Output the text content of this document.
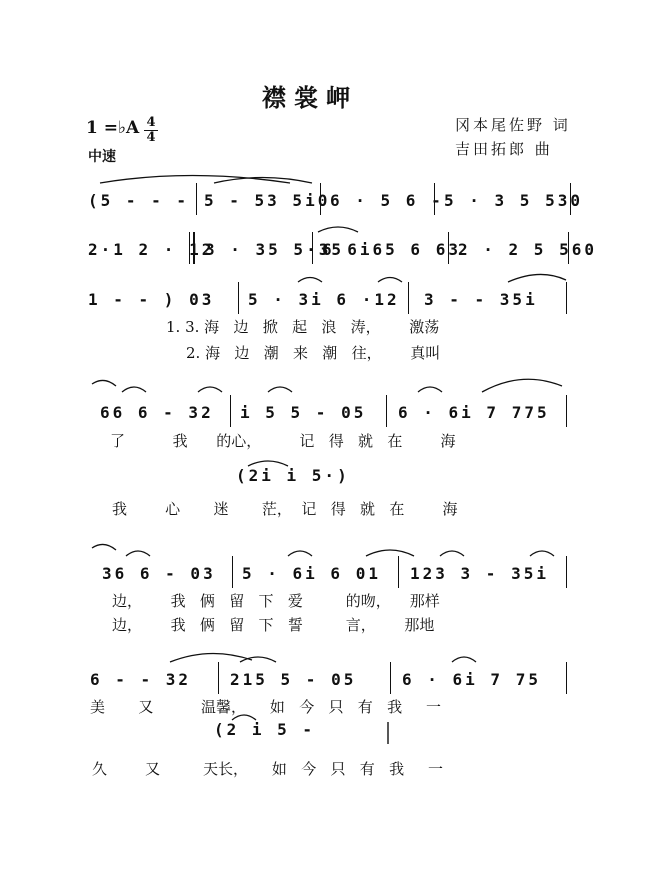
襟裳岬
1 =♭A 4
4
中速
冈本尾佐野 词
吉田拓郎 曲
(5 - - - 5 - 53 5i0 6 · 5 6 - 5 · 3 5 530
2·1 2 · 12
3 · 35 5·35
6 6i65 6 63
2 · 2 5 560
1 - - ) 03 5 · 3i 6 ·12 3 - - 35i
66 6 - 32 i 5 5 - 05 6 · 6i 7 775
36 6 - 03 5 · 6i 6 01 123 3 - 35i
6 - - 32 215 5 - 05	6 · 6i 7 75
(2i i 5·)
(2 i 5 -
1. 3. 海   边   掀   起   浪   涛，      激荡
2. 海   边   潮   来   潮   往，      真叫
了          我      的心，        记   得   就   在        海
我        心       迷       茫，  记   得   就   在        海
边，      我   俩   留   下   爱         的吻，    那样
边，      我   俩   留   下   誓         言，      那地
美       又          温馨，     如   今   只   有   我     一
久        又         天长，     如   今   只   有   我     一
